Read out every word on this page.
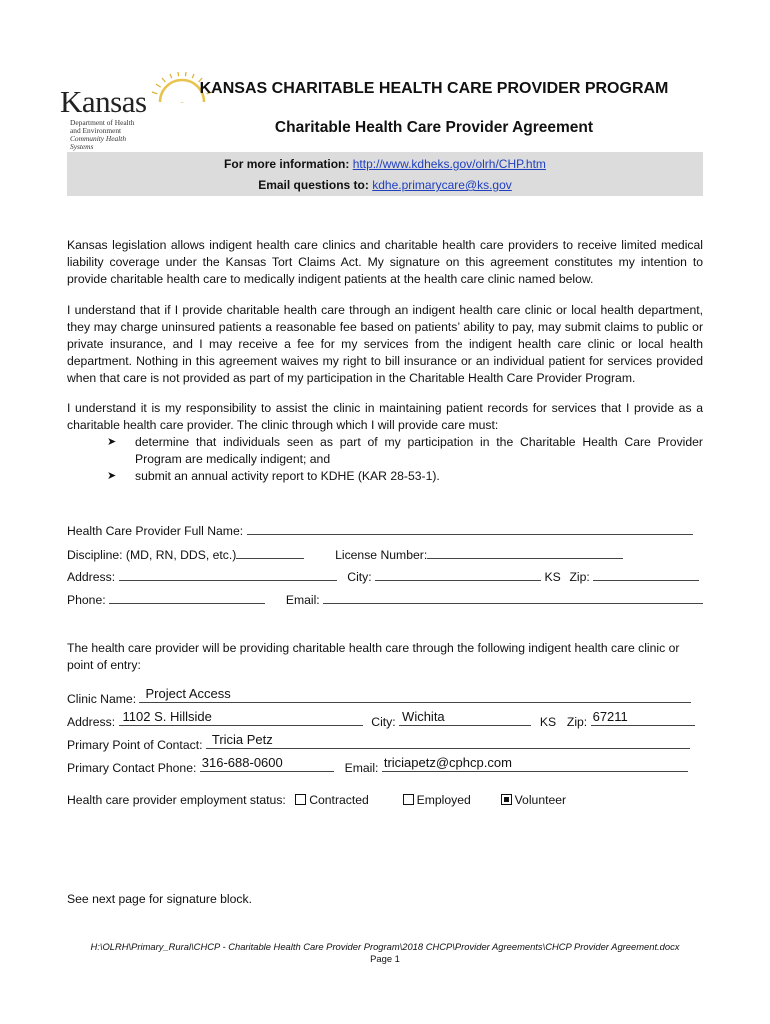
Kansas
Department of Health
and Environment
Community Health Systems
KANSAS CHARITABLE HEALTH CARE PROVIDER PROGRAM
Charitable Health Care Provider Agreement
For more information: http://www.kdheks.gov/olrh/CHP.htm
Email questions to: kdhe.primarycare@ks.gov
Kansas legislation allows indigent health care clinics and charitable health care providers to receive limited medical liability coverage under the Kansas Tort Claims Act. My signature on this agreement constitutes my intention to provide charitable health care to medically indigent patients at the health care clinic named below.
I understand that if I provide charitable health care through an indigent health care clinic or local health department, they may charge uninsured patients a reasonable fee based on patients’ ability to pay, may submit claims to public or private insurance, and I may receive a fee for my services from the indigent health care clinic or local health department. Nothing in this agreement waives my right to bill insurance or an individual patient for services provided when that care is not provided as part of my participation in the Charitable Health Care Provider Program.
I understand it is my responsibility to assist the clinic in maintaining patient records for services that I provide as a charitable health care provider. The clinic through which I will provide care must:
➤ determine that individuals seen as part of my participation in the Charitable Health Care Provider Program are medically indigent; and
➤ submit an annual activity report to KDHE (KAR 28-53-1).
Health Care Provider Full Name:
Discipline: (MD, RN, DDS, etc.)	License Number:
Address:	City:	KS Zip:
Phone:	Email:
The health care provider will be providing charitable health care through the following indigent health care clinic or point of entry:
Clinic Name: Project Access
Address: 1102 S. Hillside	City: Wichita	KS Zip: 67211
Primary Point of Contact: Tricia Petz
Primary Contact Phone: 316-688-0600	Email: triciapetz@cphcp.com
Health care provider employment status: Contracted	Employed	Volunteer
See next page for signature block.
H:\OLRH\Primary_Rural\CHCP - Charitable Health Care Provider Program\2018 CHCP\Provider Agreements\CHCP Provider Agreement.docx
Page 1
